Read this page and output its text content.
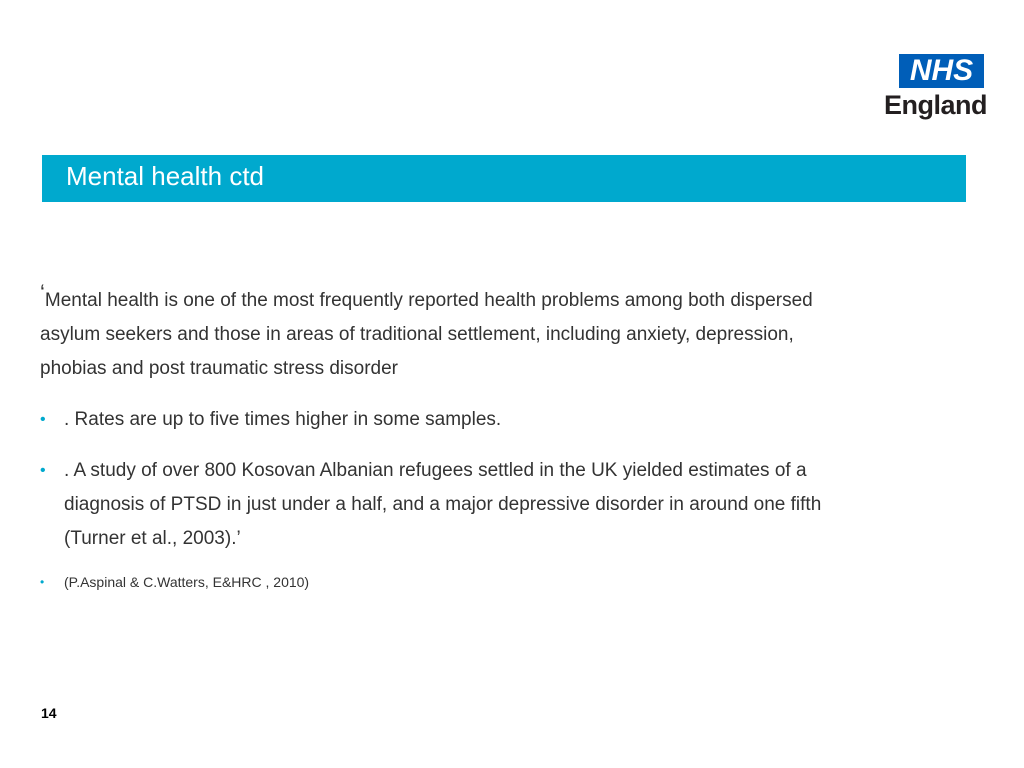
NHS
England
Mental health ctd

‘Mental health is one of the most frequently reported health problems among both dispersed asylum seekers and those in areas of traditional settlement, including anxiety, depression, phobias and post traumatic stress disorder

• . Rates are up to five times higher in some samples.

• . A study of over 800 Kosovan Albanian refugees settled in the UK yielded estimates of a diagnosis of PTSD in just under a half, and a major depressive disorder in around one fifth (Turner et al., 2003).’

• (P.Aspinal & C.Watters, E&HRC , 2010)

14
